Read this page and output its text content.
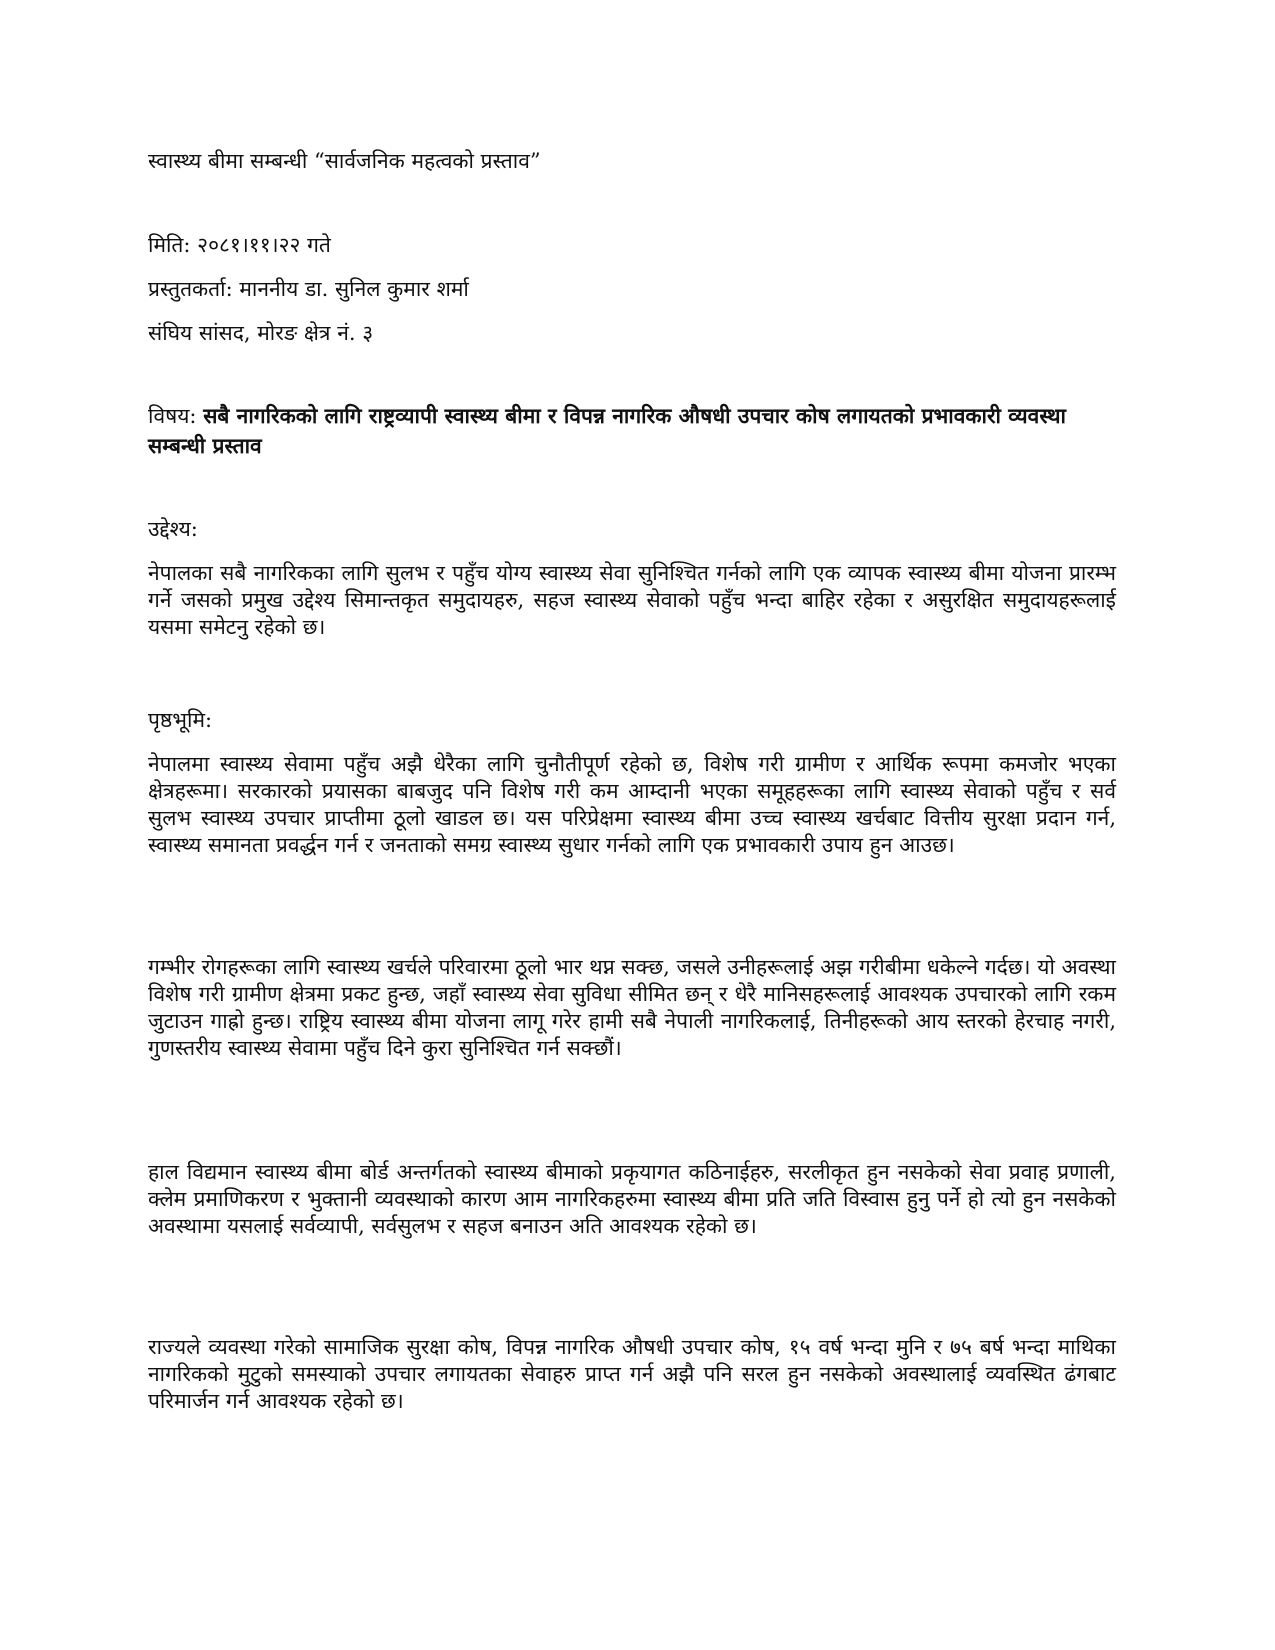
स्वास्थ्य बीमा सम्बन्धी “सार्वजनिक महत्वको प्रस्ताव”

मिति: २०८१।११।२२ गते

प्रस्तुतकर्ता: माननीय डा. सुनिल कुमार शर्मा

संघिय सांसद, मोरङ क्षेत्र नं. ३

विषय: सबै नागरिकको लागि राष्ट्रव्यापी स्वास्थ्य बीमा र विपन्न नागरिक औषधी उपचार कोष लगायतको प्रभावकारी व्यवस्था सम्बन्धी प्रस्ताव

उद्देश्य:

नेपालका सबै नागरिकका लागि सुलभ र पहुँच योग्य स्वास्थ्य सेवा सुनिश्चित गर्नको लागि एक व्यापक स्वास्थ्य बीमा योजना प्रारम्भ गर्ने जसको प्रमुख उद्देश्य सिमान्तकृत समुदायहरु, सहज स्वास्थ्य सेवाको पहुँच भन्दा बाहिर रहेका र असुरक्षित समुदायहरूलाई यसमा समेटनु रहेको छ।

पृष्ठभूमि:

नेपालमा स्वास्थ्य सेवामा पहुँच अझै धेरैका लागि चुनौतीपूर्ण रहेको छ, विशेष गरी ग्रामीण र आर्थिक रूपमा कमजोर भएका क्षेत्रहरूमा। सरकारको प्रयासका बाबजुद पनि विशेष गरी कम आम्दानी भएका समूहहरूका लागि स्वास्थ्य सेवाको पहुँच र सर्व सुलभ स्वास्थ्य उपचार प्राप्तीमा ठूलो खाडल छ। यस परिप्रेक्षमा स्वास्थ्य बीमा उच्च स्वास्थ्य खर्चबाट वित्तीय सुरक्षा प्रदान गर्न, स्वास्थ्य समानता प्रवर्द्धन गर्न र जनताको समग्र स्वास्थ्य सुधार गर्नको लागि एक प्रभावकारी उपाय हुन आउछ।

गम्भीर रोगहरूका लागि स्वास्थ्य खर्चले परिवारमा ठूलो भार थप्न सक्छ, जसले उनीहरूलाई अझ गरीबीमा धकेल्ने गर्दछ। यो अवस्था विशेष गरी ग्रामीण क्षेत्रमा प्रकट हुन्छ, जहाँ स्वास्थ्य सेवा सुविधा सीमित छन् र धेरै मानिसहरूलाई आवश्यक उपचारको लागि रकम जुटाउन गाह्रो हुन्छ। राष्ट्रिय स्वास्थ्य बीमा योजना लागू गरेर हामी सबै नेपाली नागरिकलाई, तिनीहरूको आय स्तरको हेरचाह नगरी, गुणस्तरीय स्वास्थ्य सेवामा पहुँच दिने कुरा सुनिश्चित गर्न सक्छौं।

हाल विद्यमान स्वास्थ्य बीमा बोर्ड अन्तर्गतको स्वास्थ्य बीमाको प्रकृयागत कठिनाईहरु, सरलीकृत हुन नसकेको सेवा प्रवाह प्रणाली, क्लेम प्रमाणिकरण र भुक्तानी व्यवस्थाको कारण आम नागरिकहरुमा स्वास्थ्य बीमा प्रति जति विस्वास हुनु पर्ने हो त्यो हुन नसकेको अवस्थामा यसलाई सर्वव्यापी, सर्वसुलभ र सहज बनाउन अति आवश्यक रहेको छ।

राज्यले व्यवस्था गरेको सामाजिक सुरक्षा कोष, विपन्न नागरिक औषधी उपचार कोष, १५ वर्ष भन्दा मुनि र ७५ बर्ष भन्दा माथिका नागरिकको मुटुको समस्याको उपचार लगायतका सेवाहरु प्राप्त गर्न अझै पनि सरल हुन नसकेको अवस्थालाई व्यवस्थित ढंगबाट परिमार्जन गर्न आवश्यक रहेको छ।
